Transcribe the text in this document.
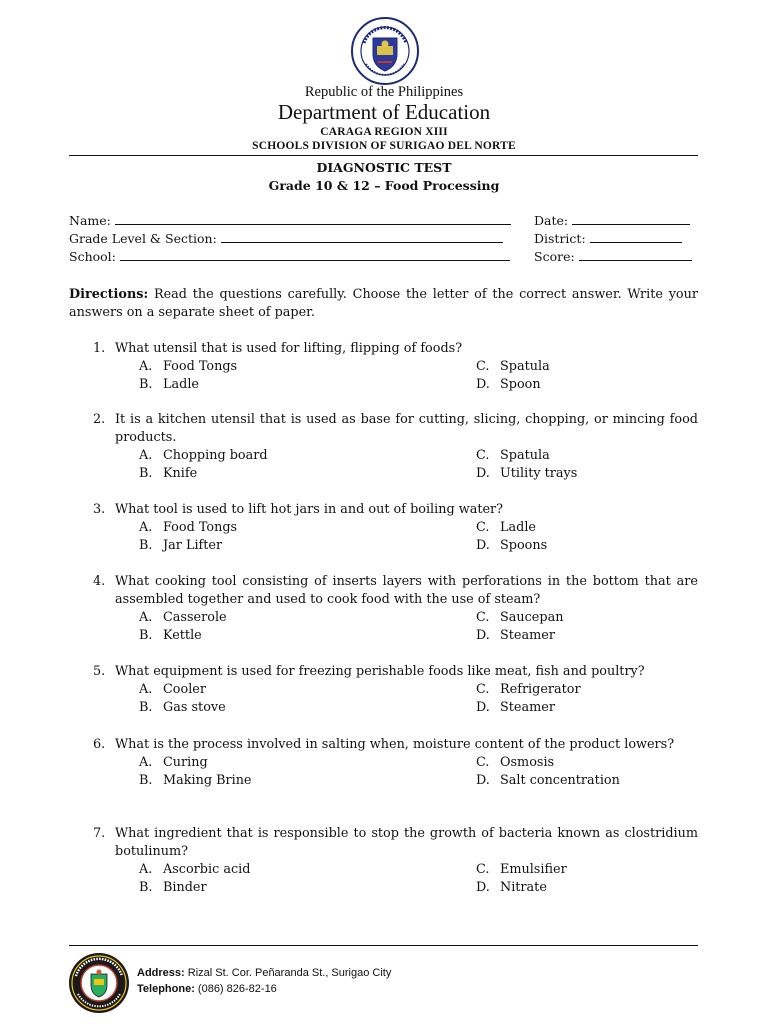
Republic of the Philippines
Department of Education
CARAGA REGION XIII
SCHOOLS DIVISION OF SURIGAO DEL NORTE
DIAGNOSTIC TEST
Grade 10 & 12 – Food Processing
Name:
Grade Level & Section:
School:
Date:
District:
Score:
Directions: Read the questions carefully. Choose the letter of the correct answer. Write your answers on a separate sheet of paper.
1. What utensil that is used for lifting, flipping of foods?
A. Food Tongs
B. Ladle
C. Spatula
D. Spoon
2. It is a kitchen utensil that is used as base for cutting, slicing, chopping, or mincing food products.
A. Chopping board
B. Knife
C. Spatula
D. Utility trays
3. What tool is used to lift hot jars in and out of boiling water?
A. Food Tongs
B. Jar Lifter
C. Ladle
D. Spoons
4. What cooking tool consisting of inserts layers with perforations in the bottom that are assembled together and used to cook food with the use of steam?
A. Casserole
B. Kettle
C. Saucepan
D. Steamer
5. What equipment is used for freezing perishable foods like meat, fish and poultry?
A. Cooler
B. Gas stove
C. Refrigerator
D. Steamer
6. What is the process involved in salting when, moisture content of the product lowers?
A. Curing
B. Making Brine
C. Osmosis
D. Salt concentration
7. What ingredient that is responsible to stop the growth of bacteria known as clostridium botulinum?
A. Ascorbic acid
B. Binder
C. Emulsifier
D. Nitrate
Address: Rizal St. Cor. Peñaranda St., Surigao City
Telephone: (086) 826-82-16
